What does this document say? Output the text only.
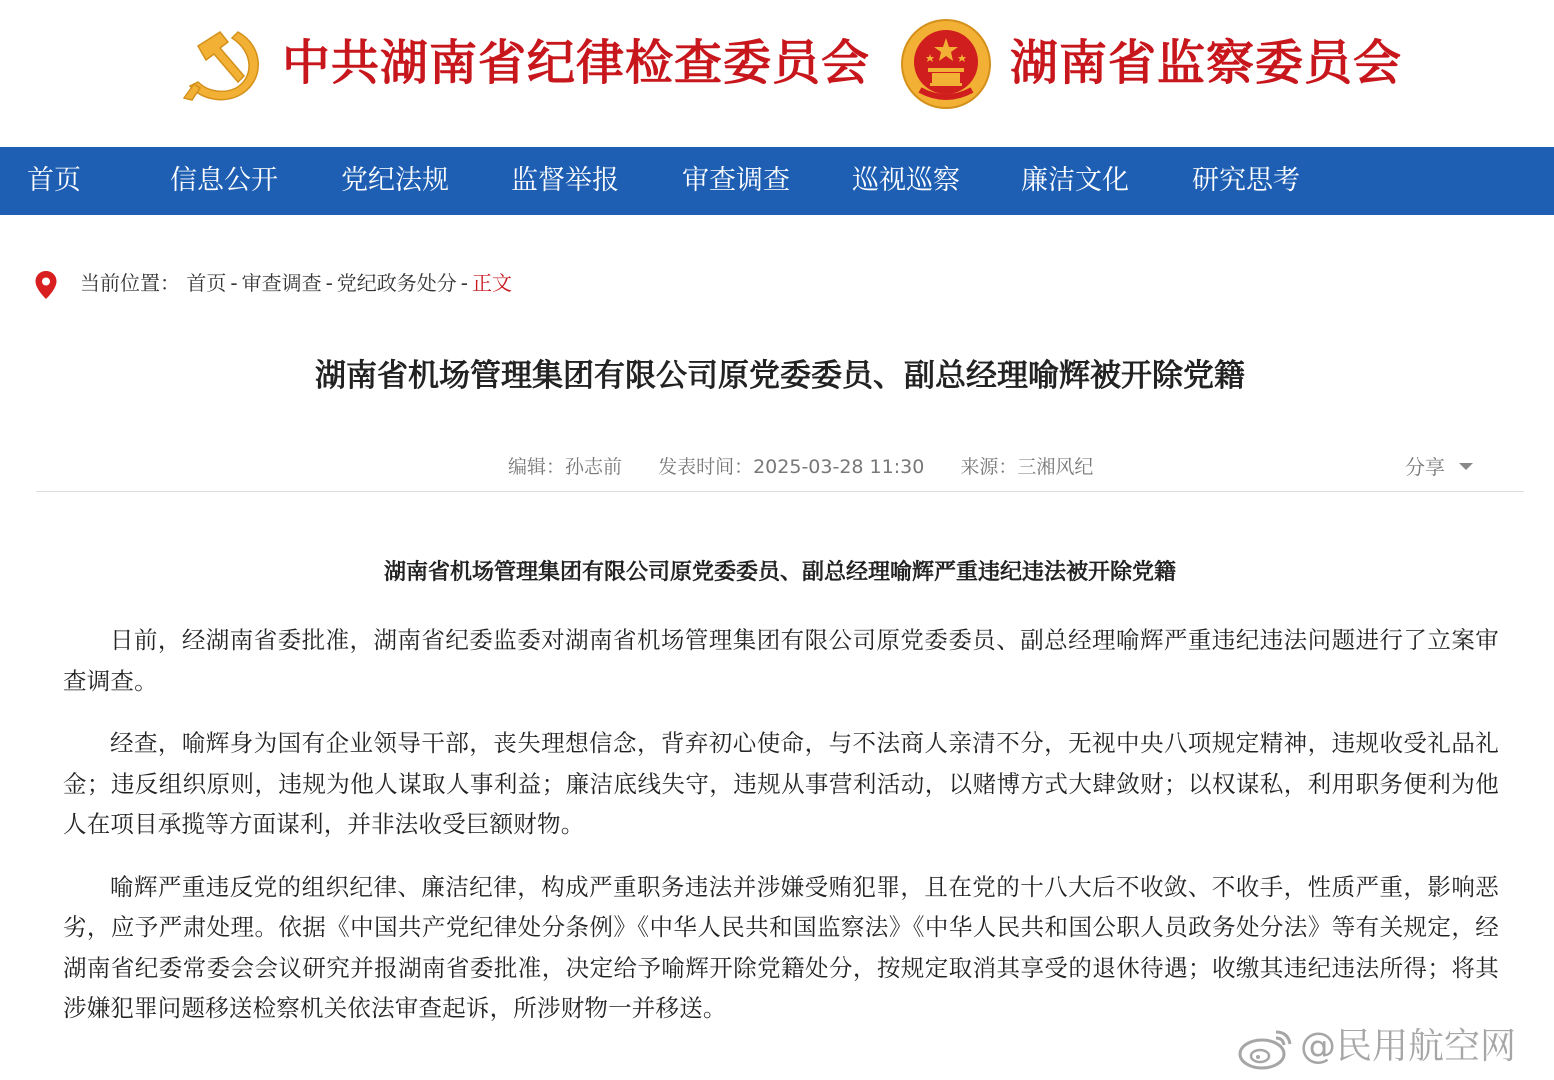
中共湖南省纪律检查委员会	湖南省监察委员会
首页	信息公开 党纪法规 监督举报 审查调查 巡视巡察 廉洁文化 研究思考
当前位置： 首页 - 审查调查 - 党纪政务处分 - 正文
湖南省机场管理集团有限公司原党委委员、副总经理喻辉被开除党籍
编辑：孙志前 发表时间：2025-03-28 11:30 来源：三湘风纪	分享
湖南省机场管理集团有限公司原党委委员、副总经理喻辉严重违纪违法被开除党籍

日前，经湖南省委批准，湖南省纪委监委对湖南省机场管理集团有限公司原党委委员、副总经理喻辉严重违纪违法问题进行了立案审查调查。

经查，喻辉身为国有企业领导干部，丧失理想信念，背弃初心使命，与不法商人亲清不分，无视中央八项规定精神，违规收受礼品礼金；违反组织原则，违规为他人谋取人事利益；廉洁底线失守，违规从事营利活动，以赌博方式大肆敛财；以权谋私，利用职务便利为他人在项目承揽等方面谋利，并非法收受巨额财物。

喻辉严重违反党的组织纪律、廉洁纪律，构成严重职务违法并涉嫌受贿犯罪，且在党的十八大后不收敛、不收手，性质严重，影响恶劣，应予严肃处理。依据《中国共产党纪律处分条例》《中华人民共和国监察法》《中华人民共和国公职人员政务处分法》等有关规定，经湖南省纪委常委会会议研究并报湖南省委批准，决定给予喻辉开除党籍处分，按规定取消其享受的退休待遇；收缴其违纪违法所得；将其涉嫌犯罪问题移送检察机关依法审查起诉，所涉财物一并移送。

@民用航空网
